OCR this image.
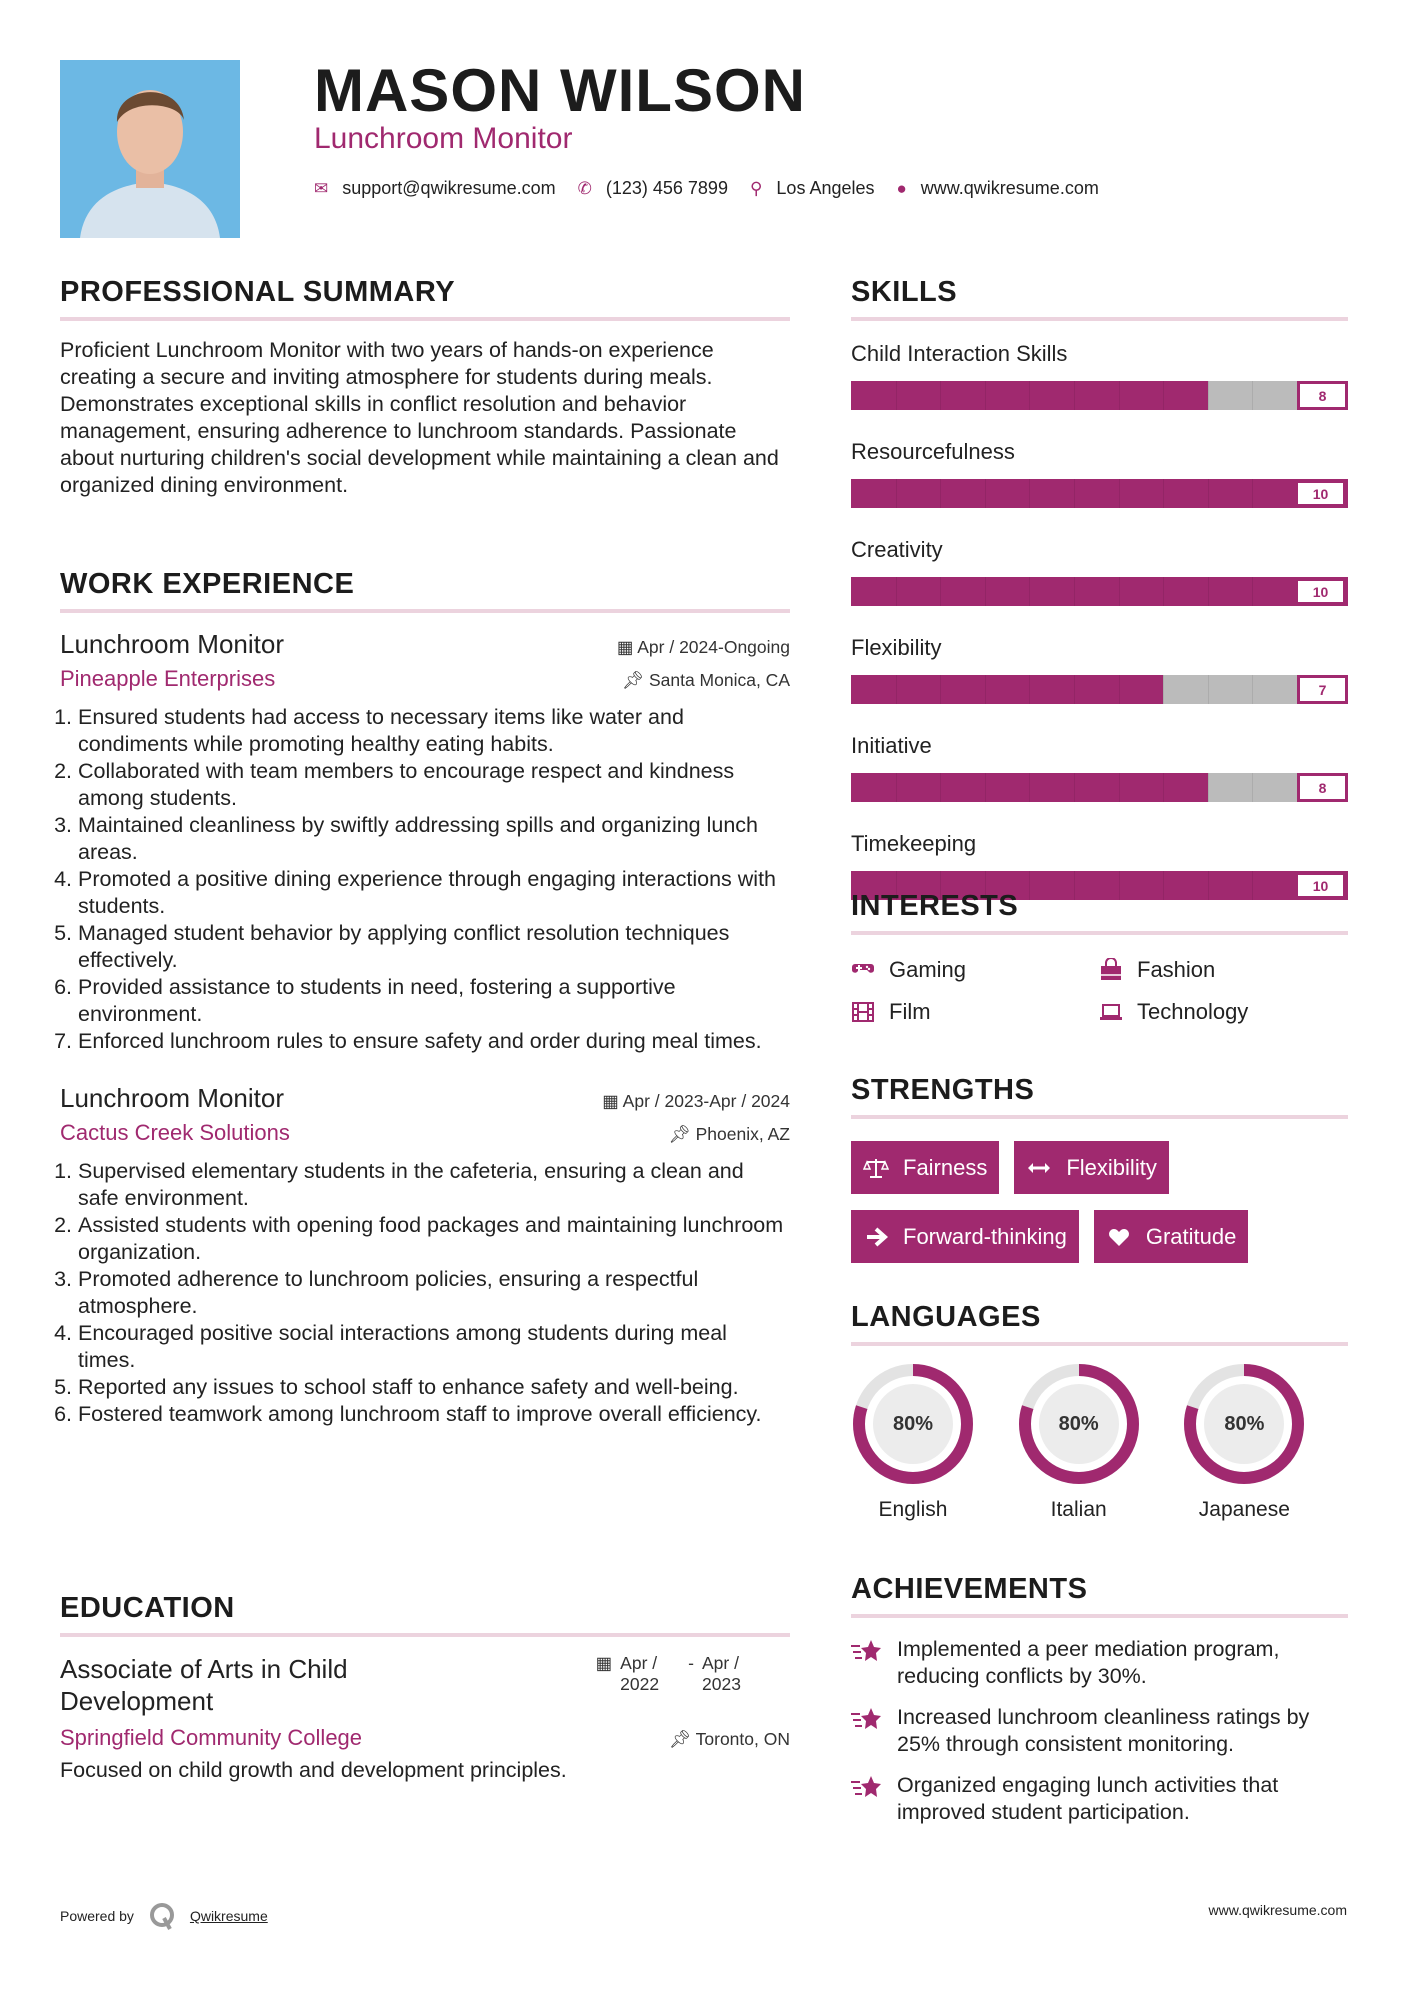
MASON WILSON
Lunchroom Monitor
✉ support@qwikresume.com ✆ (123) 456 7899 ⚲ Los Angeles ● www.qwikresume.com
PROFESSIONAL SUMMARY
Proficient Lunchroom Monitor with two years of hands-on experience creating a secure and inviting atmosphere for students during meals. Demonstrates exceptional skills in conflict resolution and behavior management, ensuring adherence to lunchroom standards. Passionate about nurturing children's social development while maintaining a clean and organized dining environment.
WORK EXPERIENCE
Lunchroom Monitor	▦ Apr / 2024-Ongoing
Pineapple Enterprises	📌︎ Santa Monica, CA
1. Ensured students had access to necessary items like water and condiments while promoting healthy eating habits.
2. Collaborated with team members to encourage respect and kindness among students.
3. Maintained cleanliness by swiftly addressing spills and organizing lunch areas.
4. Promoted a positive dining experience through engaging interactions with students.
5. Managed student behavior by applying conflict resolution techniques effectively.
6. Provided assistance to students in need, fostering a supportive environment.
7. Enforced lunchroom rules to ensure safety and order during meal times.
Lunchroom Monitor	▦ Apr / 2023-Apr / 2024
Cactus Creek Solutions	📌︎ Phoenix, AZ
1. Supervised elementary students in the cafeteria, ensuring a clean and safe environment.
2. Assisted students with opening food packages and maintaining lunchroom organization.
3. Promoted adherence to lunchroom policies, ensuring a respectful atmosphere.
4. Encouraged positive social interactions among students during meal times.
5. Reported any issues to school staff to enhance safety and well-being.
6. Fostered teamwork among lunchroom staff to improve overall efficiency.
EDUCATION
Associate of Arts in Child Development
▦ Apr / 2022
- Apr / 2023
Springfield Community College	📌︎ Toronto, ON
Focused on child growth and development principles.
SKILLS
Child Interaction Skills
8
Resourcefulness
10
Creativity
10
Flexibility
7
Initiative
8
Timekeeping
10
INTERESTS
Gaming	Fashion
Film	Technology
STRENGTHS
Fairness	Flexibility
Forward-thinking	Gratitude
LANGUAGES
80%
English
80%
Italian
80%
Japanese
ACHIEVEMENTS
Implemented a peer mediation program, reducing conflicts by 30%.
Increased lunchroom cleanliness ratings by 25% through consistent monitoring.
Organized engaging lunch activities that improved student participation.
Powered by	Qwikresume	www.qwikresume.com
